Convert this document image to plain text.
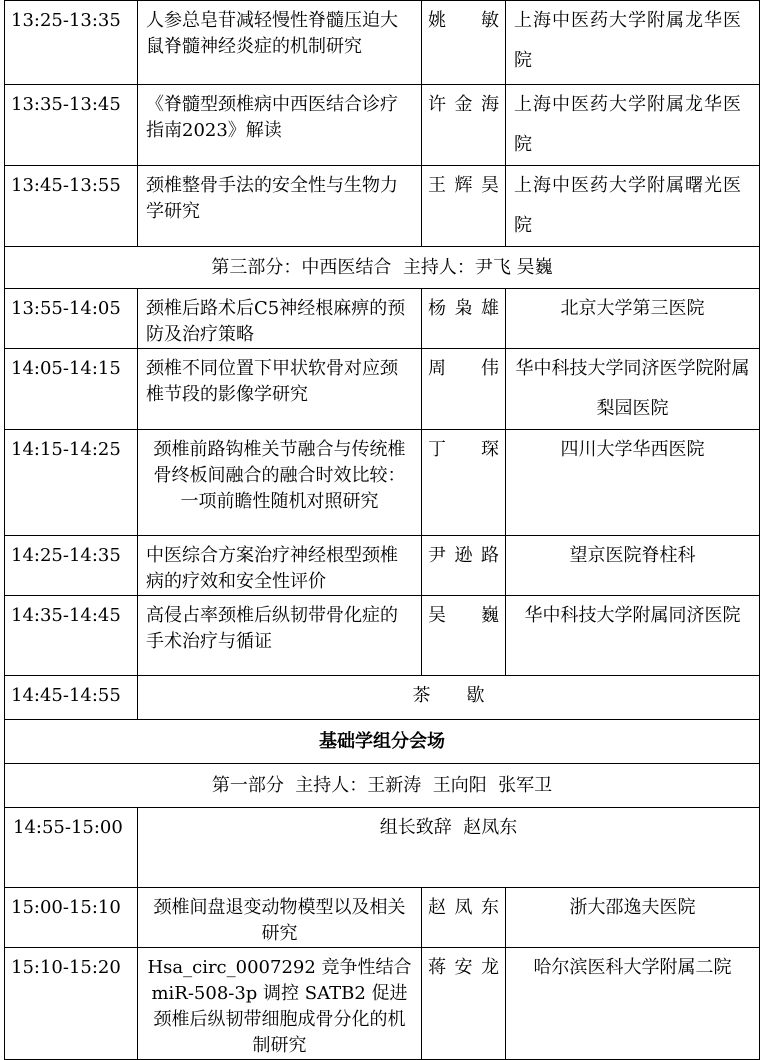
13:25-13:35	人参总皂苷减轻慢性脊髓压迫大鼠脊髓神经炎症的机制研究	姚　敏	上海中医药大学附属龙华医院
13:35-13:45	《脊髓型颈椎病中西医结合诊疗指南2023》解读	许金海	上海中医药大学附属龙华医院
13:45-13:55	颈椎整骨手法的安全性与生物力学研究	王辉昊	上海中医药大学附属曙光医院
第三部分：中西医结合  主持人：尹飞 吴巍			
13:55-14:05	颈椎后路术后C5神经根麻痹的预防及治疗策略	杨枭雄	北京大学第三医院
14:05-14:15	颈椎不同位置下甲状软骨对应颈椎节段的影像学研究	周　伟	华中科技大学同济医学院附属梨园医院
14:15-14:25	颈椎前路钩椎关节融合与传统椎骨终板间融合的融合时效比较：一项前瞻性随机对照研究	丁　琛	四川大学华西医院
14:25-14:35	中医综合方案治疗神经根型颈椎病的疗效和安全性评价	尹逊路	望京医院脊柱科
14:35-14:45	高侵占率颈椎后纵韧带骨化症的手术治疗与循证	吴　巍	华中科技大学附属同济医院
14:45-14:55	茶　　歇		
基础学组分会场			
第一部分  主持人：王新涛  王向阳  张军卫			
14:55-15:00	组长致辞  赵凤东		
15:00-15:10	颈椎间盘退变动物模型以及相关研究	赵凤东	浙大邵逸夫医院
15:10-15:20	Hsa_circ_0007292 竞争性结合 miR-508-3p 调控 SATB2 促进颈椎后纵韧带细胞成骨分化的机制研究	蒋安龙	哈尔滨医科大学附属二院
